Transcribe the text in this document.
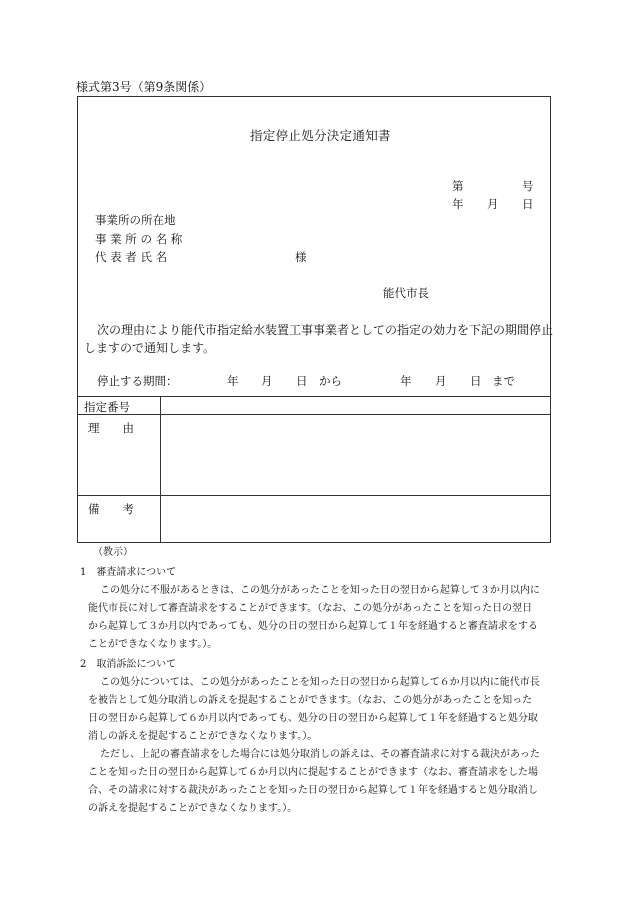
様式第3号（第9条関係）
指定停止処分決定通知書
第	号
年 月 日
事業所の所在地
事 業 所 の 名 称
代 表 者 氏 名	様
能代市長
次の理由により能代市指定給水装置工事事業者としての指定の効力を下記の期間停止
しますので通知します。
停止する期間：	年 月 日 から	年 月 日 まで
指定番号
理　　由
備　　考
（教示）
1　審査請求について
この処分に不服があるときは、この処分があったことを知った日の翌日から起算して３か月以内に
能代市長に対して審査請求をすることができます。（なお、この処分があったことを知った日の翌日
から起算して３か月以内であっても、処分の日の翌日から起算して１年を経過すると審査請求をする
ことができなくなります。）。
2　取消訴訟について
この処分については、この処分があったことを知った日の翌日から起算して６か月以内に能代市長
を被告として処分取消しの訴えを提起することができます。（なお、この処分があったことを知った
日の翌日から起算して６か月以内であっても、処分の日の翌日から起算して１年を経過すると処分取
消しの訴えを提起することができなくなります。）。
ただし、上記の審査請求をした場合には処分取消しの訴えは、その審査請求に対する裁決があった
ことを知った日の翌日から起算して６か月以内に提起することができます（なお、審査請求をした場
合、その請求に対する裁決があったことを知った日の翌日から起算して１年を経過すると処分取消し
の訴えを提起することができなくなります。）。
